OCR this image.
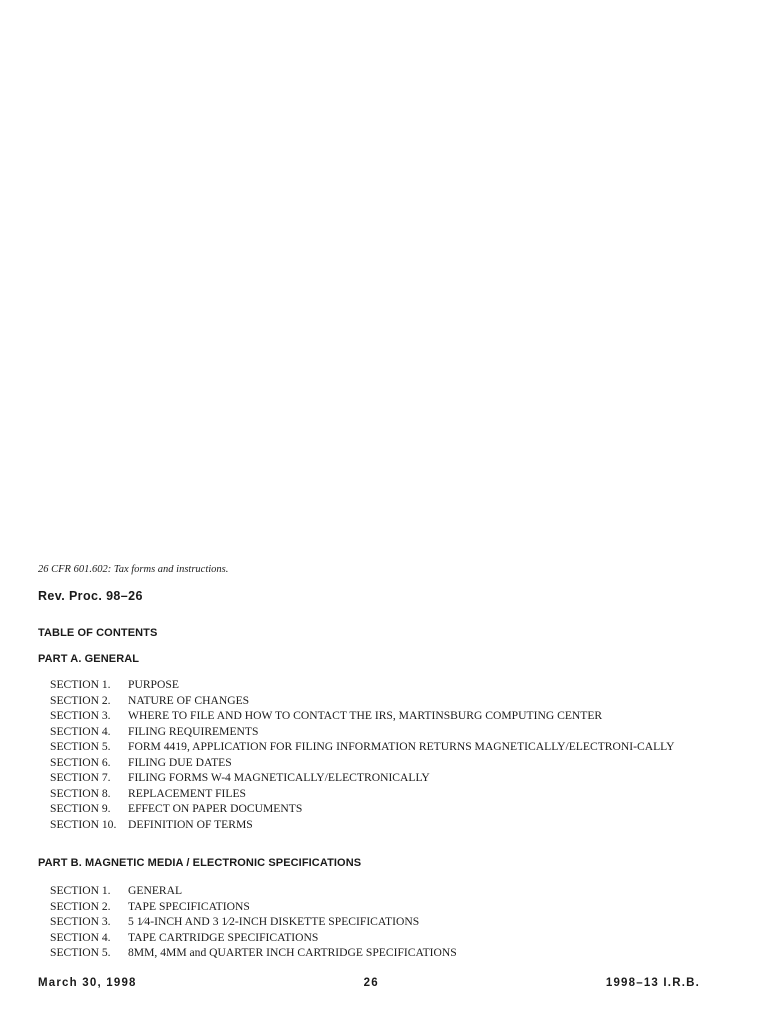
26 CFR 601.602: Tax forms and instructions.
Rev. Proc. 98–26
TABLE OF CONTENTS
PART A. GENERAL
SECTION 1.	PURPOSE
SECTION 2.	NATURE OF CHANGES
SECTION 3.	WHERE TO FILE AND HOW TO CONTACT THE IRS, MARTINSBURG COMPUTING CENTER
SECTION 4.	FILING REQUIREMENTS
SECTION 5.	FORM 4419, APPLICATION FOR FILING INFORMATION RETURNS MAGNETICALLY/ELECTRONI-CALLY
SECTION 6.	FILING DUE DATES
SECTION 7.	FILING FORMS W-4 MAGNETICALLY/ELECTRONICALLY
SECTION 8.	REPLACEMENT FILES
SECTION 9.	EFFECT ON PAPER DOCUMENTS
SECTION 10.	DEFINITION OF TERMS
PART B. MAGNETIC MEDIA / ELECTRONIC SPECIFICATIONS
SECTION 1.	GENERAL
SECTION 2.	TAPE SPECIFICATIONS
SECTION 3.	5 1⁄4-INCH AND 3 1⁄2-INCH DISKETTE SPECIFICATIONS
SECTION 4.	TAPE CARTRIDGE SPECIFICATIONS
SECTION 5.	8MM, 4MM and QUARTER INCH CARTRIDGE SPECIFICATIONS
March 30, 1998	26	1998–13 I.R.B.
